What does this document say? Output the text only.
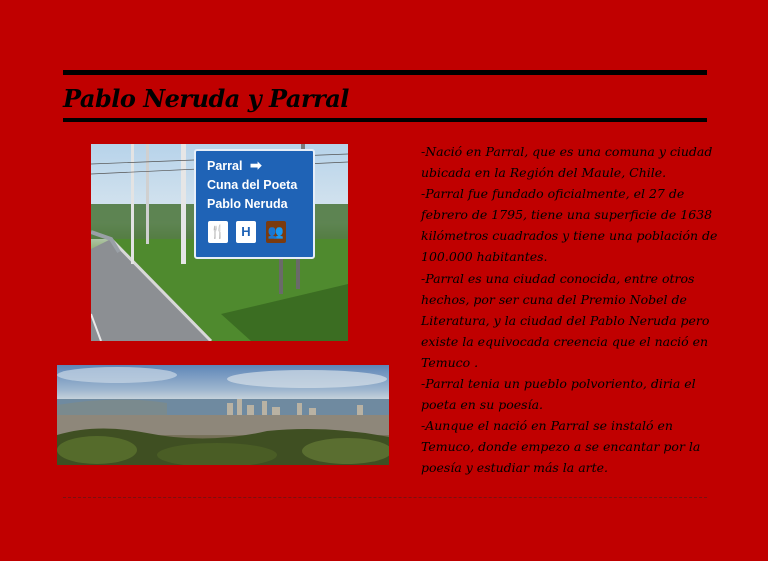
Pablo Neruda y Parral
Parral ➡
Cuna del Poeta
Pablo Neruda
🍴	H	👥

-Nació en Parral, que es una comuna y ciudad ubicada en la Región del Maule, Chile.

-Parral fue fundado oficialmente, el 27 de febrero de 1795, tiene una superficie de 1638 kilómetros cuadrados y tiene una población de 100.000 habitantes.

-Parral es una ciudad conocida, entre otros hechos, por ser cuna del Premio Nobel de Literatura, y la ciudad del Pablo Neruda pero existe la equivocada creencia que el nació en Temuco .

-Parral tenia un pueblo polvoriento, diria el poeta en su poesía.

-Aunque el nació en Parral se instaló en Temuco, donde empezo a se encantar por la poesía y estudiar más la arte.
